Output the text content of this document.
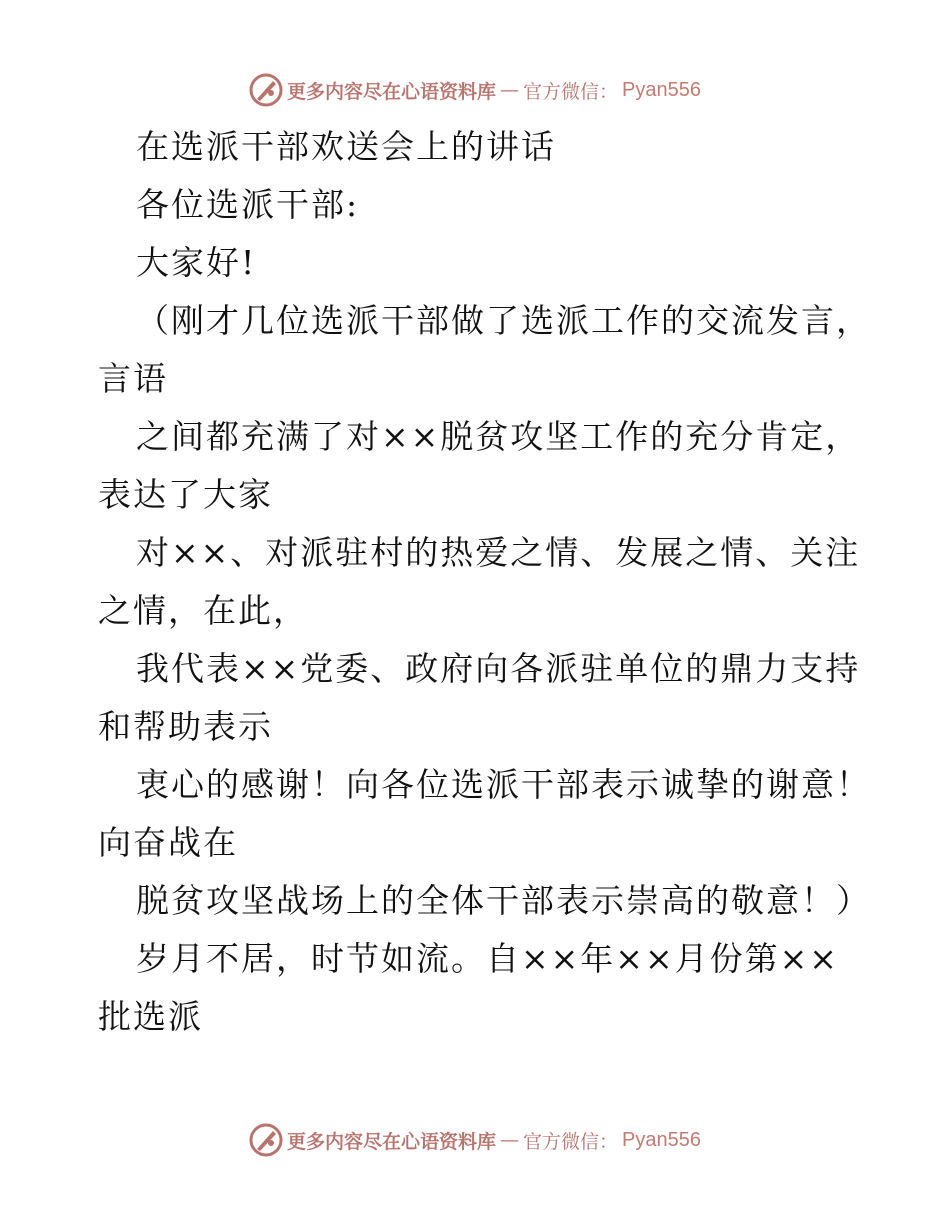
更多内容尽在心语资料库 — 官方微信： Pyan556
在选派干部欢送会上的讲话
各位选派干部:
大家好!
（刚才几位选派干部做了选派工作的交流发言，
言语
之间都充满了对××脱贫攻坚工作的充分肯定，
表达了大家
对××、对派驻村的热爱之情、发展之情、关注
之情，在此，
我代表××党委、政府向各派驻单位的鼎力支持
和帮助表示
衷心的感谢！向各位选派干部表示诚挚的谢意！
向奋战在
脱贫攻坚战场上的全体干部表示崇高的敬意！）
岁月不居，时节如流。自××年××月份第××
批选派
更多内容尽在心语资料库 — 官方微信： Pyan556
